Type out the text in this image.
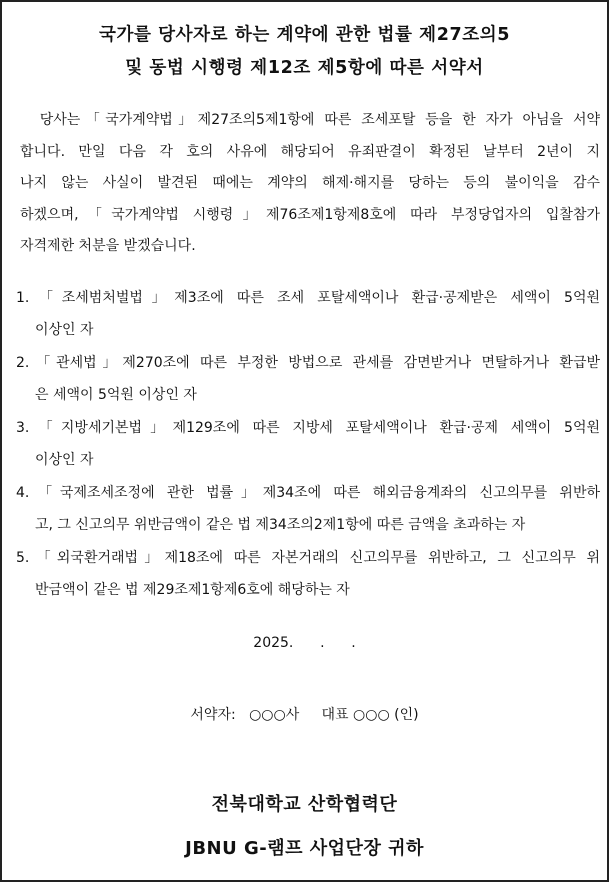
국가를 당사자로 하는 계약에 관한 법률 제27조의5
및 동법 시행령 제12조 제5항에 따른 서약서
당사는「국가계약법」제27조의5제1항에 따른 조세포탈 등을 한 자가 아님을 서약
합니다. 만일 다음 각 호의 사유에 해당되어 유죄판결이 확정된 날부터 2년이 지
나지 않는 사실이 발견된 때에는 계약의 해제·해지를 당하는 등의 불이익을 감수
하겠으며,「국가계약법 시행령」제76조제1항제8호에 따라 부정당업자의 입찰참가
자격제한 처분을 받겠습니다.
1.「조세범처벌법」제3조에 따른 조세 포탈세액이나 환급·공제받은 세액이 5억원
이상인 자
2.「관세법」제270조에 따른 부정한 방법으로 관세를 감면받거나 면탈하거나 환급받
은 세액이 5억원 이상인 자
3.「지방세기본법」제129조에 따른 지방세 포탈세액이나 환급·공제 세액이 5억원
이상인 자
4.「국제조세조정에 관한 법률」제34조에 따른 해외금융계좌의 신고의무를 위반하
고, 그 신고의무 위반금액이 같은 법 제34조의2제1항에 따른 금액을 초과하는 자
5.「외국환거래법」제18조에 따른 자본거래의 신고의무를 위반하고, 그 신고의무 위
반금액이 같은 법 제29조제1항제6호에 해당하는 자
2025.      .      .
서약자: ○○○사 대표 ○○○ (인)
전북대학교 산학협력단
JBNU G-램프 사업단장 귀하
